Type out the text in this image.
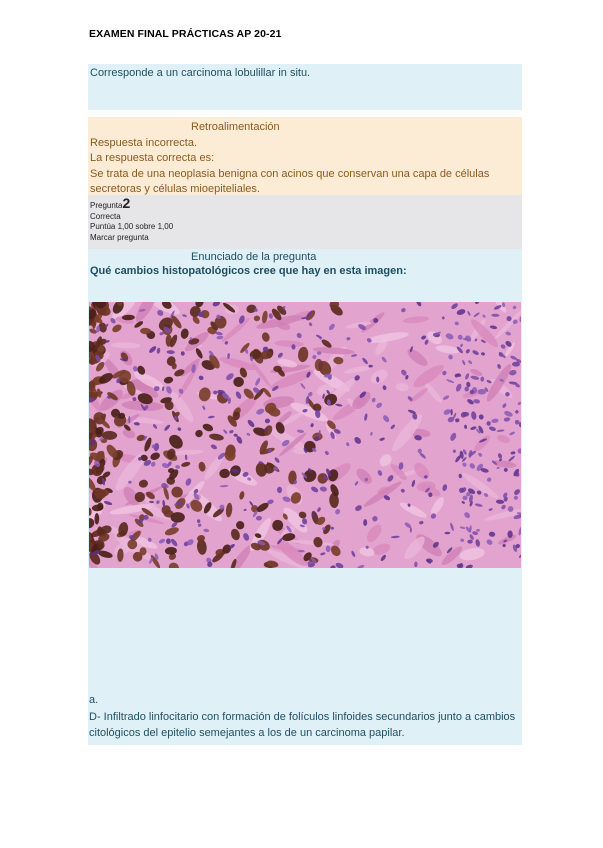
EXAMEN FINAL PRÁCTICAS AP 20-21
Corresponde a un carcinoma lobulillar in situ.
Retroalimentación
Respuesta incorrecta.
La respuesta correcta es:
Se trata de una neoplasia benigna con acinos que conservan una capa de células secretoras y células mioepiteliales.
Pregunta2
Correcta
Puntúa 1,00 sobre 1,00
Marcar pregunta
Enunciado de la pregunta
Qué cambios histopatológicos cree que hay en esta imagen:
a.
D- Infiltrado linfocitario con formación de folículos linfoides secundarios junto a cambios citológicos del epitelio semejantes a los de un carcinoma papilar.
